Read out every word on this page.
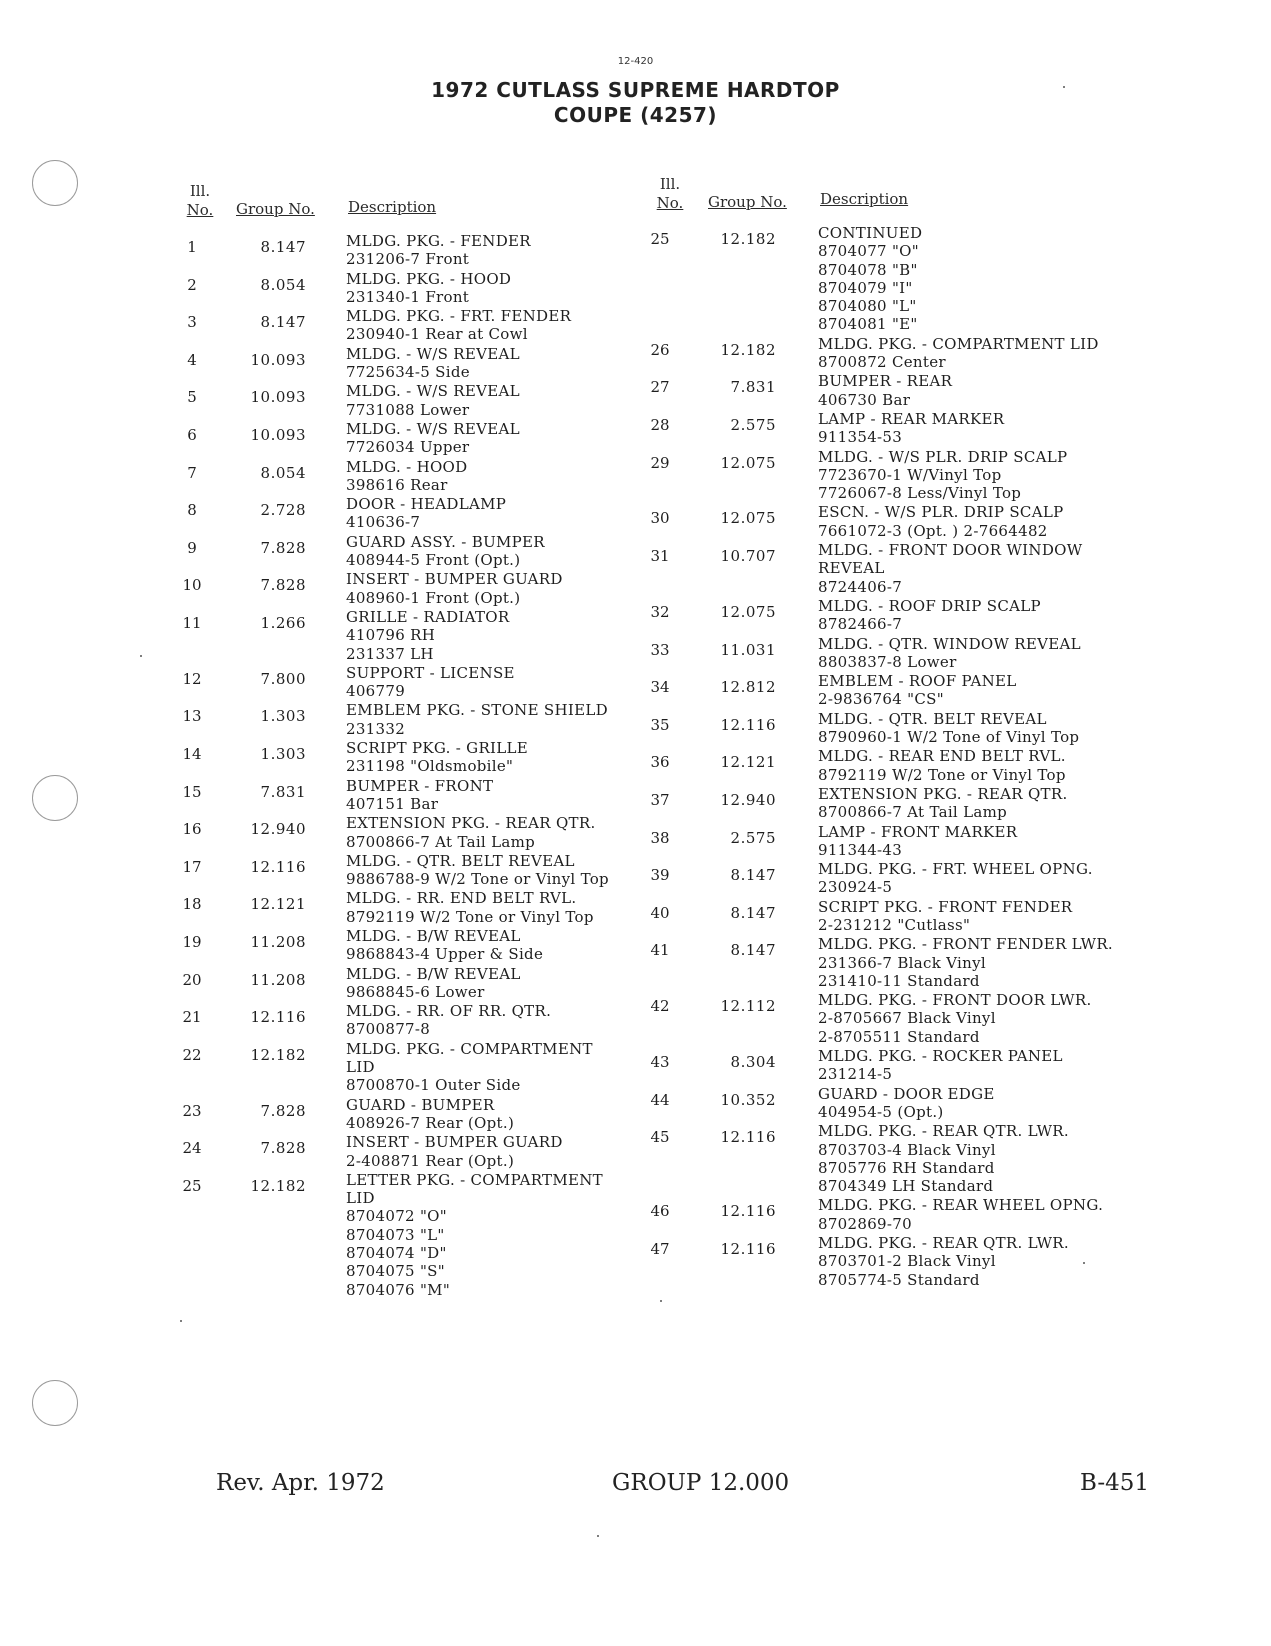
12-420
1972 CUTLASS SUPREME HARDTOP
COUPE (4257)
Ill.
No.	Group No. Description
Ill.
No.	Group No. Description
1	8.147	MLDG. PKG. - FENDER
231206-7 Front
2	8.054	MLDG. PKG. - HOOD
231340-1 Front
3	8.147	MLDG. PKG. - FRT. FENDER
230940-1 Rear at Cowl
4	10.093	MLDG. - W/S REVEAL
7725634-5 Side
5	10.093	MLDG. - W/S REVEAL
7731088 Lower
6	10.093	MLDG. - W/S REVEAL
7726034 Upper
7	8.054	MLDG. - HOOD
398616 Rear
8	2.728	DOOR - HEADLAMP
410636-7
9	7.828	GUARD ASSY. - BUMPER
408944-5 Front (Opt.)
10	7.828	INSERT - BUMPER GUARD
408960-1 Front (Opt.)
11	1.266	GRILLE - RADIATOR
410796 RH
231337 LH
12	7.800	SUPPORT - LICENSE
406779
13	1.303	EMBLEM PKG. - STONE SHIELD
231332
14	1.303	SCRIPT PKG. - GRILLE
231198 "Oldsmobile"
15	7.831	BUMPER - FRONT
407151 Bar
16	12.940	EXTENSION PKG. - REAR QTR.
8700866-7 At Tail Lamp
17	12.116	MLDG. - QTR. BELT REVEAL
9886788-9 W/2 Tone or Vinyl Top
18	12.121	MLDG. - RR. END BELT RVL.
8792119 W/2 Tone or Vinyl Top
19	11.208	MLDG. - B/W REVEAL
9868843-4 Upper & Side
20	11.208	MLDG. - B/W REVEAL
9868845-6 Lower
21	12.116	MLDG. - RR. OF RR. QTR.
8700877-8
22	12.182	MLDG. PKG. - COMPARTMENT
LID
8700870-1 Outer Side
23	7.828	GUARD - BUMPER
408926-7 Rear (Opt.)
24	7.828	INSERT - BUMPER GUARD
2-408871 Rear (Opt.)
25	12.182	LETTER PKG. - COMPARTMENT
LID
8704072 "O"
8704073 "L"
8704074 "D"
8704075 "S"
8704076 "M"
25	12.182	CONTINUED
8704077 "O"
8704078 "B"
8704079 "I"
8704080 "L"
8704081 "E"
26	12.182	MLDG. PKG. - COMPARTMENT LID
8700872 Center
27	7.831	BUMPER - REAR
406730 Bar
28	2.575	LAMP - REAR MARKER
911354-53
29	12.075	MLDG. - W/S PLR. DRIP SCALP
7723670-1 W/Vinyl Top
7726067-8 Less/Vinyl Top
30	12.075	ESCN. - W/S PLR. DRIP SCALP
7661072-3 (Opt. ) 2-7664482
31	10.707	MLDG. - FRONT DOOR WINDOW
REVEAL
8724406-7
32	12.075	MLDG. - ROOF DRIP SCALP
8782466-7
33	11.031	MLDG. - QTR. WINDOW REVEAL
8803837-8 Lower
34	12.812	EMBLEM - ROOF PANEL
2-9836764 "CS"
35	12.116	MLDG. - QTR. BELT REVEAL
8790960-1 W/2 Tone of Vinyl Top
36	12.121	MLDG. - REAR END BELT RVL.
8792119 W/2 Tone or Vinyl Top
37	12.940	EXTENSION PKG. - REAR QTR.
8700866-7 At Tail Lamp
38	2.575	LAMP - FRONT MARKER
911344-43
39	8.147	MLDG. PKG. - FRT. WHEEL OPNG.
230924-5
40	8.147	SCRIPT PKG. - FRONT FENDER
2-231212 "Cutlass"
41	8.147	MLDG. PKG. - FRONT FENDER LWR.
231366-7 Black Vinyl
231410-11 Standard
42	12.112	MLDG. PKG. - FRONT DOOR LWR.
2-8705667 Black Vinyl
2-8705511 Standard
43	8.304	MLDG. PKG. - ROCKER PANEL
231214-5
44	10.352	GUARD - DOOR EDGE
404954-5 (Opt.)
45	12.116	MLDG. PKG. - REAR QTR. LWR.
8703703-4 Black Vinyl
8705776 RH Standard
8704349 LH Standard
46	12.116	MLDG. PKG. - REAR WHEEL OPNG.
8702869-70
47	12.116	MLDG. PKG. - REAR QTR. LWR.
8703701-2 Black Vinyl
8705774-5 Standard
Rev. Apr. 1972	GROUP 12.000	B-451
